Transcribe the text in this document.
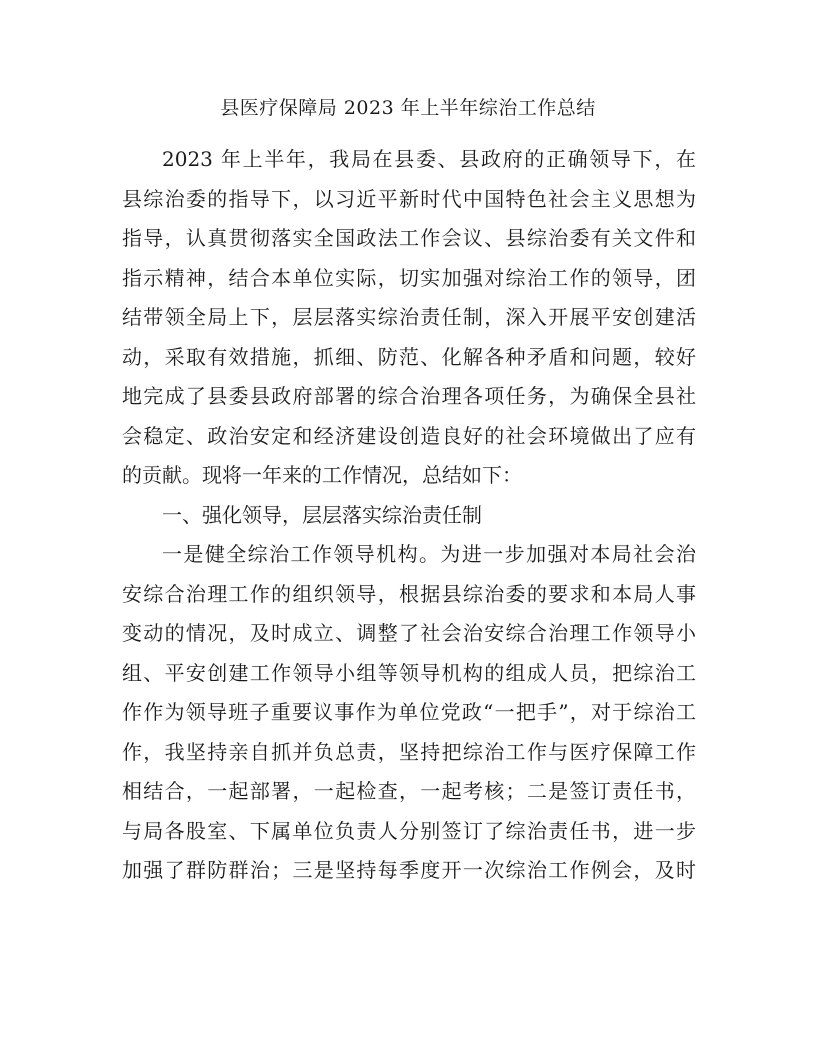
县医疗保障局 2023 年上半年综治工作总结
2023 年上半年，我局在县委、县政府的正确领导下，在
县综治委的指导下，以习近平新时代中国特色社会主义思想为
指导，认真贯彻落实全国政法工作会议、县综治委有关文件和
指示精神，结合本单位实际，切实加强对综治工作的领导，团
结带领全局上下，层层落实综治责任制，深入开展平安创建活
动，采取有效措施，抓细、防范、化解各种矛盾和问题，较好
地完成了县委县政府部署的综合治理各项任务，为确保全县社
会稳定、政治安定和经济建设创造良好的社会环境做出了应有
的贡献。现将一年来的工作情况，总结如下：
一、强化领导，层层落实综治责任制
一是健全综治工作领导机构。为进一步加强对本局社会治
安综合治理工作的组织领导，根据县综治委的要求和本局人事
变动的情况，及时成立、调整了社会治安综合治理工作领导小
组、平安创建工作领导小组等领导机构的组成人员，把综治工
作作为领导班子重要议事作为单位党政“一把手”，对于综治工
作，我坚持亲自抓并负总责，坚持把综治工作与医疗保障工作
相结合，一起部署，一起检查，一起考核；二是签订责任书，
与局各股室、下属单位负责人分别签订了综治责任书，进一步
加强了群防群治；三是坚持每季度开一次综治工作例会，及时
